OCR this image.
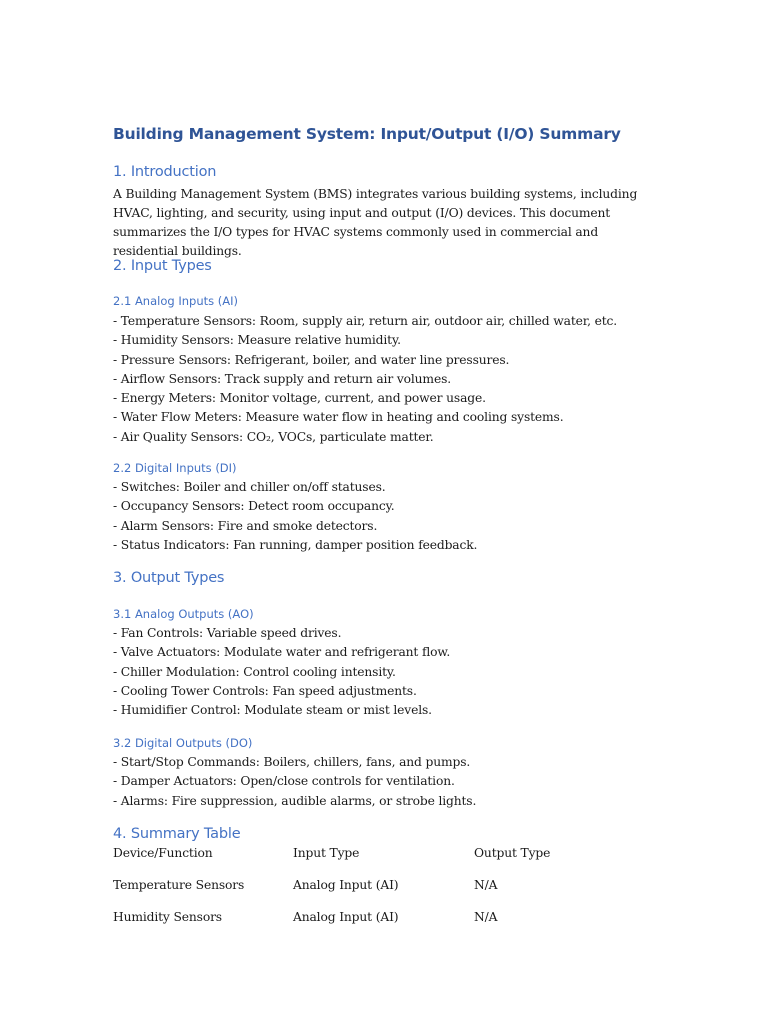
Building Management System: Input/Output (I/O) Summary
1. Introduction

A Building Management System (BMS) integrates various building systems, including HVAC, lighting, and security, using input and output (I/O) devices. This document summarizes the I/O types for HVAC systems commonly used in commercial and residential buildings.

2. Input Types
2.1 Analog Inputs (AI)
- Temperature Sensors: Room, supply air, return air, outdoor air, chilled water, etc.
- Humidity Sensors: Measure relative humidity.
- Pressure Sensors: Refrigerant, boiler, and water line pressures.
- Airflow Sensors: Track supply and return air volumes.
- Energy Meters: Monitor voltage, current, and power usage.
- Water Flow Meters: Measure water flow in heating and cooling systems.
- Air Quality Sensors: CO₂, VOCs, particulate matter.
2.2 Digital Inputs (DI)
- Switches: Boiler and chiller on/off statuses.
- Occupancy Sensors: Detect room occupancy.
- Alarm Sensors: Fire and smoke detectors.
- Status Indicators: Fan running, damper position feedback.
3. Output Types
3.1 Analog Outputs (AO)
- Fan Controls: Variable speed drives.
- Valve Actuators: Modulate water and refrigerant flow.
- Chiller Modulation: Control cooling intensity.
- Cooling Tower Controls: Fan speed adjustments.
- Humidifier Control: Modulate steam or mist levels.
3.2 Digital Outputs (DO)
- Start/Stop Commands: Boilers, chillers, fans, and pumps.
- Damper Actuators: Open/close controls for ventilation.
- Alarms: Fire suppression, audible alarms, or strobe lights.
4. Summary Table
Device/Function	Input Type	Output Type
Temperature Sensors	Analog Input (AI)	N/A
Humidity Sensors	Analog Input (AI)	N/A
